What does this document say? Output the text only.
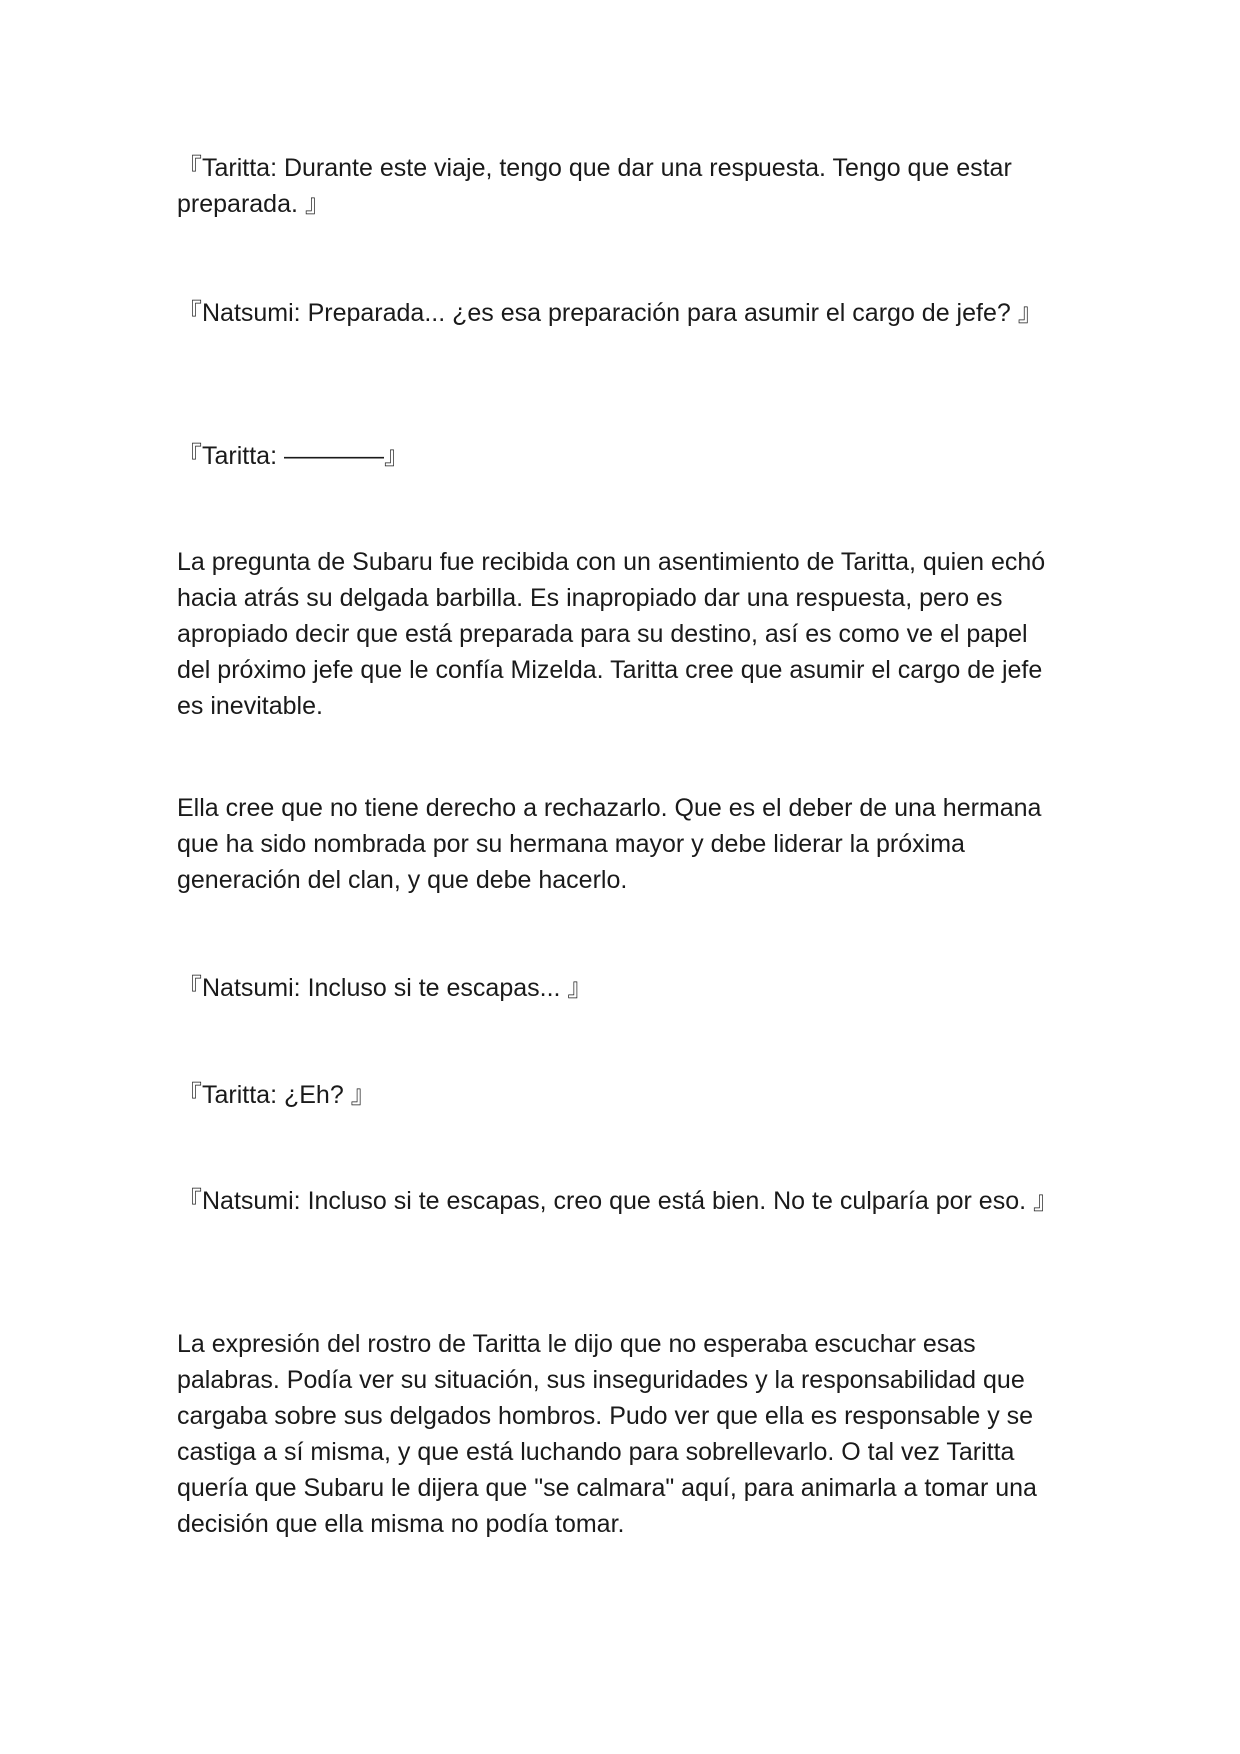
『Taritta: Durante este viaje, tengo que dar una respuesta. Tengo que estar preparada. 』

『Natsumi: Preparada... ¿es esa preparación para asumir el cargo de jefe? 』

『Taritta: ————』

La pregunta de Subaru fue recibida con un asentimiento de Taritta, quien echó hacia atrás su delgada barbilla. Es inapropiado dar una respuesta, pero es apropiado decir que está preparada para su destino, así es como ve el papel del próximo jefe que le confía Mizelda. Taritta cree que asumir el cargo de jefe es inevitable.

Ella cree que no tiene derecho a rechazarlo. Que es el deber de una hermana que ha sido nombrada por su hermana mayor y debe liderar la próxima generación del clan, y que debe hacerlo.

『Natsumi: Incluso si te escapas... 』

『Taritta: ¿Eh? 』

『Natsumi: Incluso si te escapas, creo que está bien. No te culparía por eso. 』

La expresión del rostro de Taritta le dijo que no esperaba escuchar esas palabras. Podía ver su situación, sus inseguridades y la responsabilidad que cargaba sobre sus delgados hombros. Pudo ver que ella es responsable y se castiga a sí misma, y que está luchando para sobrellevarlo. O tal vez Taritta quería que Subaru le dijera que "se calmara" aquí, para animarla a tomar una decisión que ella misma no podía tomar.
